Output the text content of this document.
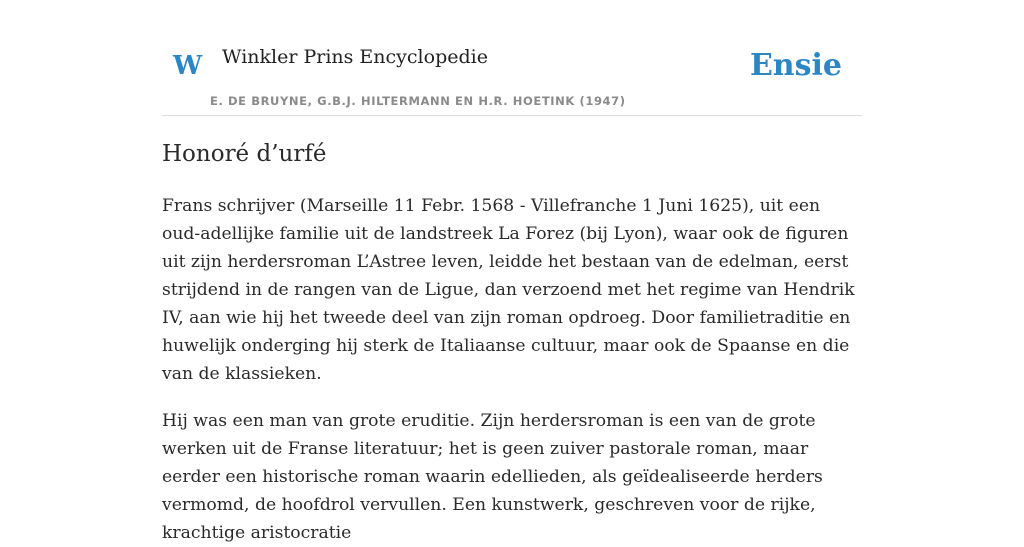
W Winkler Prins Encyclopedie
E. DE BRUYNE, G.B.J. HILTERMANN EN H.R. HOETINK (1947)
Ensie
Honoré d’urfé

Frans schrijver (Marseille 11 Febr. 1568 - Villefranche 1 Juni 1625), uit een oud-adellijke familie uit de landstreek La Forez (bij Lyon), waar ook de figuren uit zijn herdersroman L’Astree leven, leidde het bestaan van de edelman, eerst strijdend in de rangen van de Ligue, dan verzoend met het regime van Hendrik IV, aan wie hij het tweede deel van zijn roman opdroeg. Door familietraditie en huwelijk onderging hij sterk de Italiaanse cultuur, maar ook de Spaanse en die van de klassieken.

Hij was een man van grote eruditie. Zijn herdersroman is een van de grote werken uit de Franse literatuur; het is geen zuiver pastorale roman, maar eerder een historische roman waarin edellieden, als geïdealiseerde herders vermomd, de hoofdrol vervullen. Een kunstwerk, geschreven voor de rijke, krachtige aristocratie
